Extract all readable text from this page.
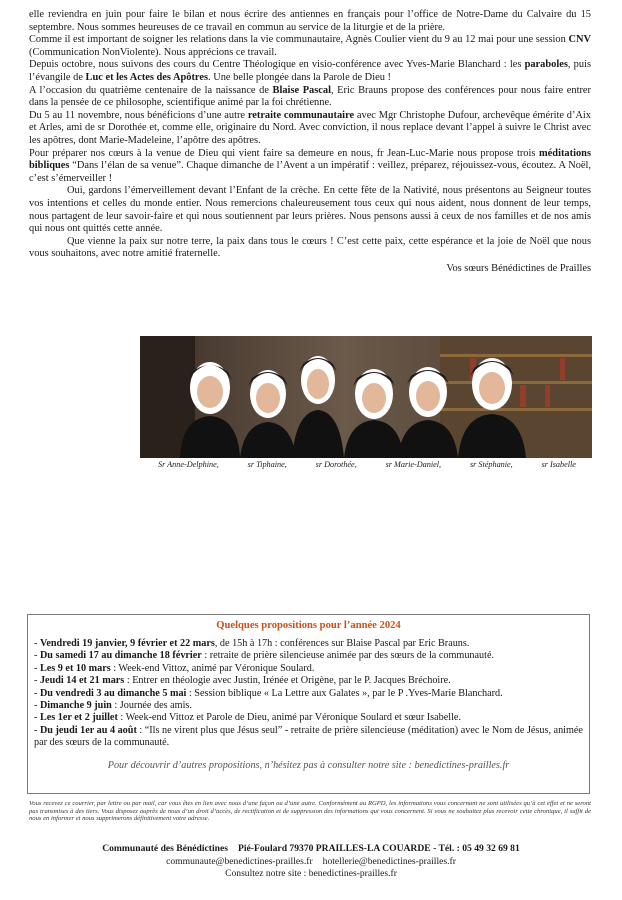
elle reviendra en juin pour faire le bilan et nous écrire des antiennes en français pour l’office de Notre-Dame du Calvaire du 15 septembre. Nous sommes heureuses de ce travail en commun au service de la liturgie et de la prière.

Comme il est important de soigner les relations dans la vie communautaire, Agnès Coulier vient du 9 au 12 mai pour une session CNV (Communication NonViolente). Nous apprécions ce travail.

Depuis octobre, nous suivons des cours du Centre Théologique en visio-conférence avec Yves-Marie Blanchard : les paraboles, puis l’évangile de Luc et les Actes des Apôtres. Une belle plongée dans la Parole de Dieu !

A l’occasion du quatrième centenaire de la naissance de Blaise Pascal, Eric Brauns propose des conférences pour nous faire entrer dans la pensée de ce philosophe, scientifique animé par la foi chrétienne.

Du 5 au 11 novembre, nous bénéficions d’une autre retraite communautaire avec Mgr Christophe Dufour, archevêque émérite d’Aix et Arles, ami de sr Dorothée et, comme elle, originaire du Nord. Avec conviction, il nous replace devant l’appel à suivre le Christ avec les apôtres, dont Marie-Madeleine, l’apôtre des apôtres.

Pour préparer nos cœurs à la venue de Dieu qui vient faire sa demeure en nous, fr Jean-Luc-Marie nous propose trois méditations bibliques “Dans l’élan de sa venue”. Chaque dimanche de l’Avent a un impératif : veillez, préparez, réjouissez-vous, écoutez. A Noël, c’est s’émerveiller !

Oui, gardons l’émerveillement devant l’Enfant de la crèche. En cette fête de la Nativité, nous présentons au Seigneur toutes vos intentions et celles du monde entier. Nous remercions chaleureusement tous ceux qui nous aident, nous donnent de leur temps, nous partagent de leur savoir-faire et qui nous soutiennent par leurs prières. Nous pensons aussi à ceux de nos familles et de nos amis qui nous ont quittés cette année.

Que vienne la paix sur notre terre, la paix dans tous le cœurs ! C’est cette paix, cette espérance et la joie de Noël que nous vous souhaitons, avec notre amitié fraternelle.

Vos sœurs Bénédictines de Prailles

Sr Anne-Delphine,	sr Tiphaine,	sr Dorothée,	sr Marie-Daniel,	sr Stéphanie,	sr Isabelle

Quelques propositions pour l’année 2024

- Vendredi 19 janvier, 9 février et 22 mars, de 15h à 17h : conférences sur Blaise Pascal par Eric Brauns.

- Du samedi 17 au dimanche 18 février : retraite de prière silencieuse animée par des sœurs de la communauté.

- Les 9 et 10 mars : Week-end Vittoz, animé par Véronique Soulard.

- Jeudi 14 et 21 mars : Entrer en théologie avec Justin, Irénée et Origène, par le P. Jacques Bréchoire.

- Du vendredi 3 au dimanche 5 mai : Session biblique « La Lettre aux Galates », par le P .Yves-Marie Blanchard.

- Dimanche 9 juin : Journée des amis.

- Les 1er et 2 juillet : Week-end Vittoz et Parole de Dieu, animé par Véronique Soulard et sœur Isabelle.

- Du jeudi 1er au 4 août : “Ils ne virent plus que Jésus seul” - retraite de prière silencieuse (méditation) avec le Nom de Jésus, animée par des sœurs de la communauté.

Pour découvrir d’autres propositions, n’hésitez pas à consulter notre site : benedictines-prailles.fr

Vous recevez ce courrier, par lettre ou par mail, car vous êtes en lien avec nous d’une façon ou d’une autre. Conformément au RGPD, les informations vous concernant ne sont utilisées qu’à cet effet et ne seront pas transmises à des tiers. Vous disposez auprès de nous d’un droit d’accès, de rectification et de suppression des informations qui vous concernent. Si vous ne souhaitez plus recevoir cette chronique, il suffit de nous en informer et nous supprimerons définitivement votre adresse.
Communauté des Bénédictines Pié-Foulard 79370 PRAILLES-LA COUARDE - Tél. : 05 49 32 69 81
communaute@benedictines-prailles.fr hotellerie@benedictines-prailles.fr
Consultez notre site : benedictines-prailles.fr
